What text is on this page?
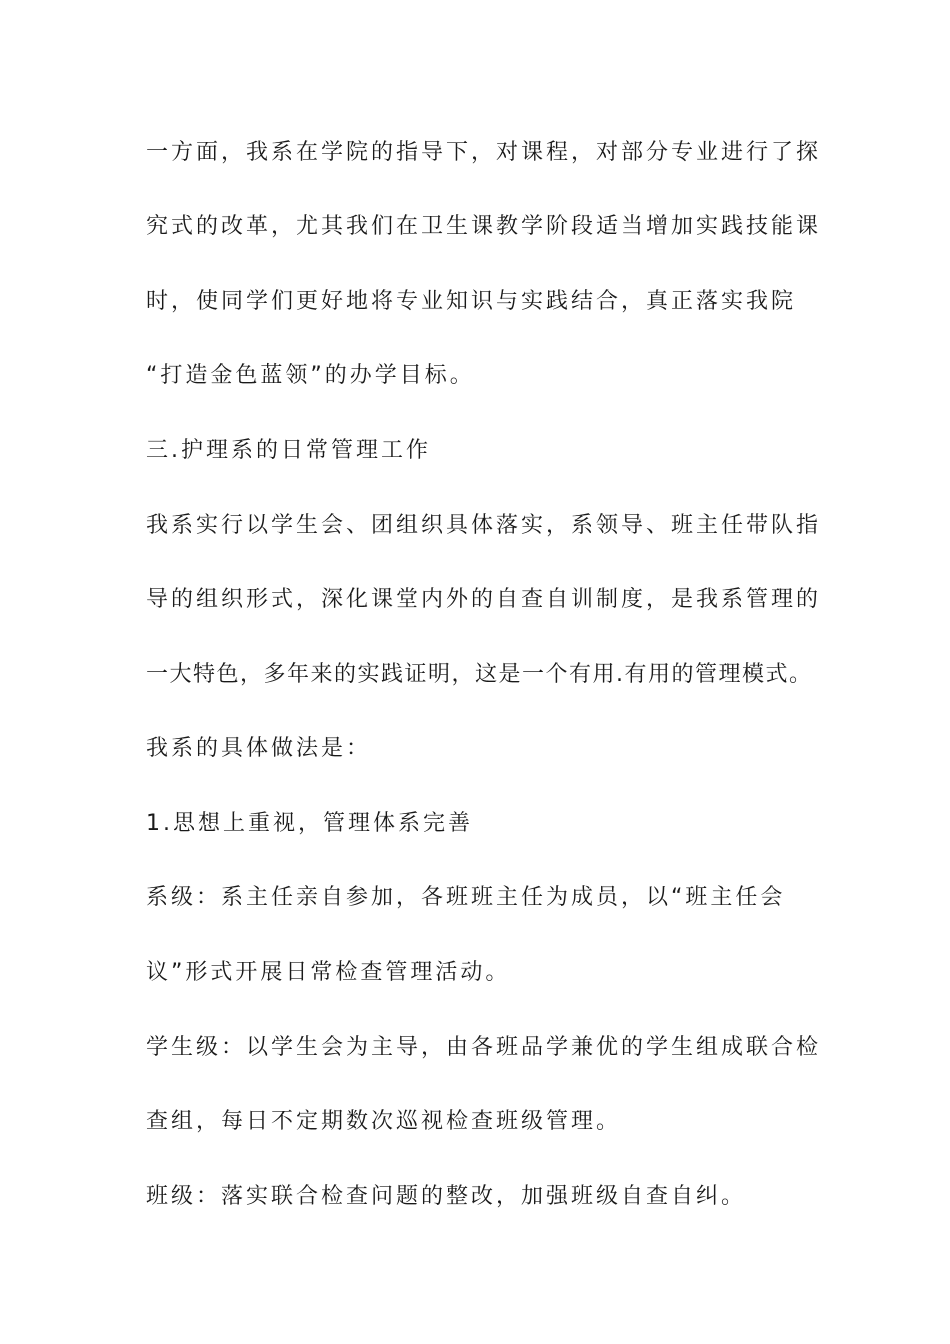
一方面，我系在学院的指导下，对课程，对部分专业进行了探
究式的改革，尤其我们在卫生课教学阶段适当增加实践技能课
时，使同学们更好地将专业知识与实践结合，真正落实我院
“打造金色蓝领”的办学目标。
三.护理系的日常管理工作
我系实行以学生会、团组织具体落实，系领导、班主任带队指
导的组织形式，深化课堂内外的自查自训制度，是我系管理的
一大特色，多年来的实践证明，这是一个有用.有用的管理模式。
我系的具体做法是：
1.思想上重视，管理体系完善
系级：系主任亲自参加，各班班主任为成员，以“班主任会
议”形式开展日常检查管理活动。
学生级：以学生会为主导，由各班品学兼优的学生组成联合检
查组，每日不定期数次巡视检查班级管理。
班级：落实联合检查问题的整改，加强班级自查自纠。
